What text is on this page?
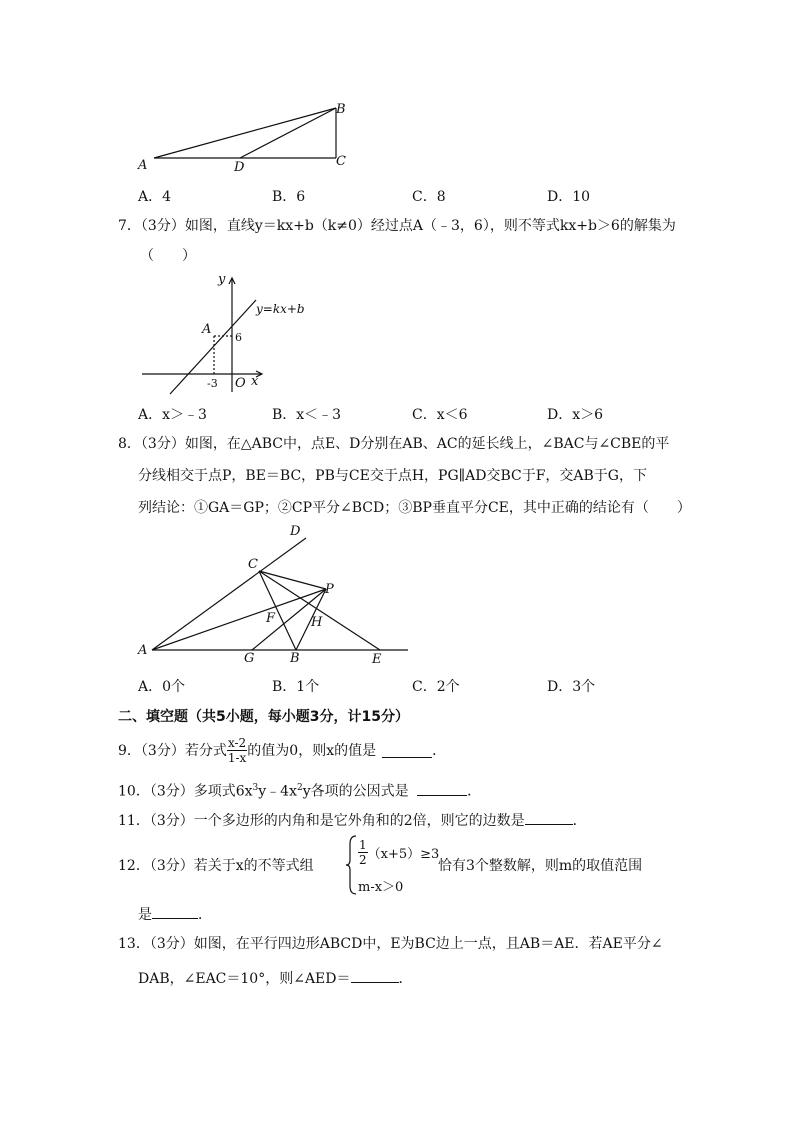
B
C
A	D
A．4	B．6	C．8	D．10
7．（3分）如图，直线y＝kx+b（k≠0）经过点A（﹣3，6），则不等式kx+b＞6的解集为
（　　）
y
y=kx+b
A
6
-3 O x
A．x＞﹣3	B．x＜﹣3	C．x＜6	D．x＞6
8．（3分）如图，在△ABC中，点E、D分别在AB、AC的延长线上，∠BAC与∠CBE的平
分线相交于点P，BE＝BC，PB与CE交于点H，PG∥AD交BC于F，交AB于G，下
列结论：①GA＝GP；②CP平分∠BCD；③BP垂直平分CE，其中正确的结论有（　　）
D
C
P
F	H
A
G	B	E
A．0个	B．1个	C．2个	D．3个
二、填空题（共5小题，每小题3分，计15分）
9．（3分）若分式 $\frac{x-2}{1-x}$ 的值为0，则x的值是	．
10．（3分）多项式$6x^3y﹣4x^2y$各项的公因式是	．
11．（3分）一个多边形的内角和是它外角和的2倍，则它的边数是	．
12．（3分）若关于x的不等式组	$\frac{1}{2} (x+5)\ge 3$
m-x＞0
恰有3个整数解，则m的取值范围
是	．
13．（3分）如图，在平行四边形ABCD中，E为BC边上一点，且AB＝AE．若AE平分∠
DAB，∠EAC＝10°，则∠AED＝	．
